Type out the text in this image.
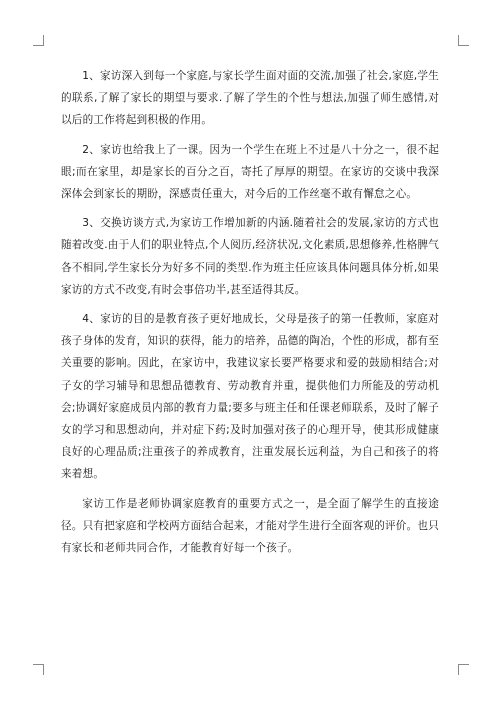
1、家访深入到每一个家庭,与家长学生面对面的交流,加强了社会,家庭,学生的联系,了解了家长的期望与要求.了解了学生的个性与想法,加强了师生感情,对以后的工作将起到积极的作用。

2、家访也给我上了一课。因为一个学生在班上不过是八十分之一，很不起眼;而在家里，却是家长的百分之百，寄托了厚厚的期望。在家访的交谈中我深深体会到家长的期盼，深感责任重大，对今后的工作丝毫不敢有懈怠之心。

3、交换访谈方式,为家访工作增加新的内涵.随着社会的发展,家访的方式也随着改变.由于人们的职业特点,个人阅历,经济状况,文化素质,思想修养,性格脾气各不相同,学生家长分为好多不同的类型.作为班主任应该具体问题具体分析,如果家访的方式不改变,有时会事倍功半,甚至适得其反。

4、家访的目的是教育孩子更好地成长，父母是孩子的第一任教师，家庭对孩子身体的发育，知识的获得，能力的培养，品德的陶冶，个性的形成，都有至关重要的影响。因此，在家访中，我建议家长要严格要求和爱的鼓励相结合;对子女的学习辅导和思想品德教育、劳动教育并重，提供他们力所能及的劳动机会;协调好家庭成员内部的教育力量;要多与班主任和任课老师联系，及时了解子女的学习和思想动向，并对症下药;及时加强对孩子的心理开导，使其形成健康良好的心理品质;注重孩子的养成教育，注重发展长远利益，为自己和孩子的将来着想。

家访工作是老师协调家庭教育的重要方式之一，是全面了解学生的直接途径。只有把家庭和学校两方面结合起来，才能对学生进行全面客观的评价。也只有家长和老师共同合作，才能教育好每一个孩子。
